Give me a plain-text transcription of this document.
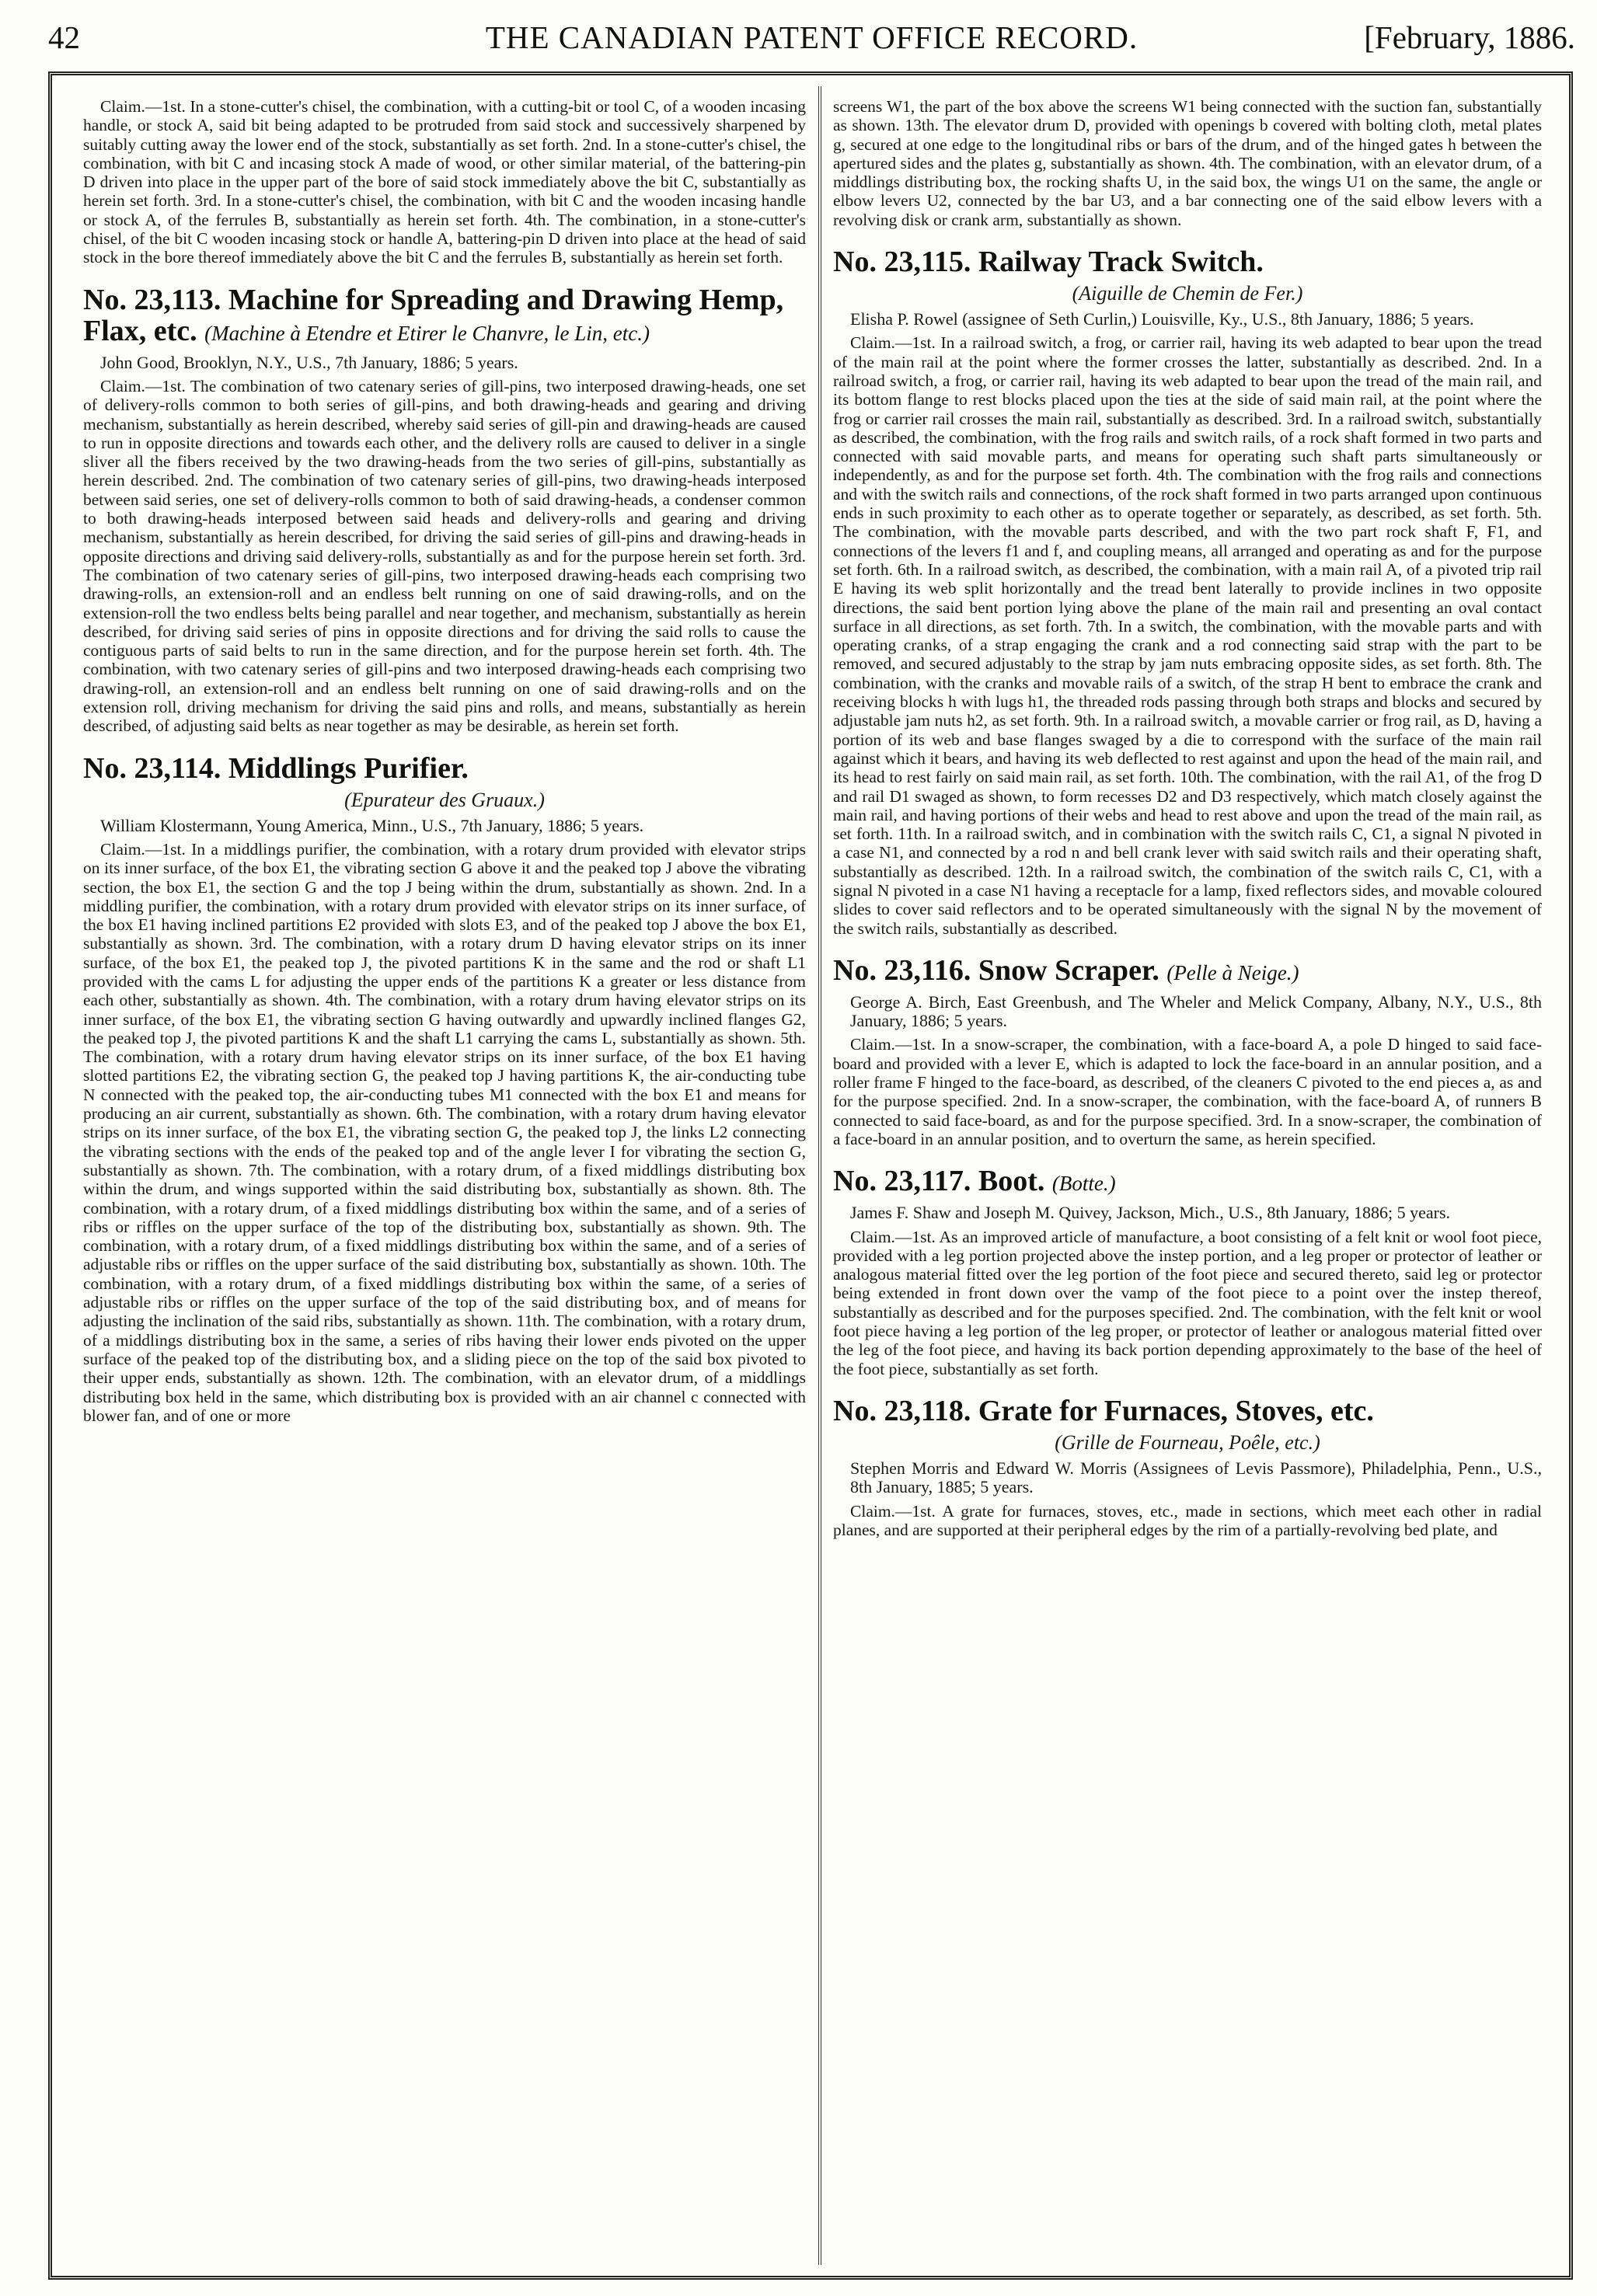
42	THE CANADIAN PATENT OFFICE RECORD.	[February, 1886.

Claim.—1st. In a stone-cutter's chisel, the combination, with a cutting-bit or tool C, of a wooden incasing handle, or stock A, said bit being adapted to be protruded from said stock and successively sharpened by suitably cutting away the lower end of the stock, substantially as set forth. 2nd. In a stone-cutter's chisel, the combination, with bit C and incasing stock A made of wood, or other similar material, of the battering-pin D driven into place in the upper part of the bore of said stock immediately above the bit C, substantially as herein set forth. 3rd. In a stone-cutter's chisel, the combination, with bit C and the wooden incasing handle or stock A, of the ferrules B, substantially as herein set forth. 4th. The combination, in a stone-cutter's chisel, of the bit C wooden incasing stock or handle A, battering-pin D driven into place at the head of said stock in the bore thereof immediately above the bit C and the ferrules B, substantially as herein set forth.

No. 23,113. Machine for Spreading and Drawing Hemp, Flax, etc. (Machine à Etendre et Etirer le Chanvre, le Lin, etc.)

John Good, Brooklyn, N.Y., U.S., 7th January, 1886; 5 years.

Claim.—1st. The combination of two catenary series of gill-pins, two interposed drawing-heads, one set of delivery-rolls common to both series of gill-pins, and both drawing-heads and gearing and driving mechanism, substantially as herein described, whereby said series of gill-pin and drawing-heads are caused to run in opposite directions and towards each other, and the delivery rolls are caused to deliver in a single sliver all the fibers received by the two drawing-heads from the two series of gill-pins, substantially as herein described. 2nd. The combination of two catenary series of gill-pins, two drawing-heads interposed between said series, one set of delivery-rolls common to both of said drawing-heads, a condenser common to both drawing-heads interposed between said heads and delivery-rolls and gearing and driving mechanism, substantially as herein described, for driving the said series of gill-pins and drawing-heads in opposite directions and driving said delivery-rolls, substantially as and for the purpose herein set forth. 3rd. The combination of two catenary series of gill-pins, two interposed drawing-heads each comprising two drawing-rolls, an extension-roll and an endless belt running on one of said drawing-rolls, and on the extension-roll the two endless belts being parallel and near together, and mechanism, substantially as herein described, for driving said series of pins in opposite directions and for driving the said rolls to cause the contiguous parts of said belts to run in the same direction, and for the purpose herein set forth. 4th. The combination, with two catenary series of gill-pins and two interposed drawing-heads each comprising two drawing-roll, an extension-roll and an endless belt running on one of said drawing-rolls and on the extension roll, driving mechanism for driving the said pins and rolls, and means, substantially as herein described, of adjusting said belts as near together as may be desirable, as herein set forth.

No. 23,114. Middlings Purifier.
(Epurateur des Gruaux.)

William Klostermann, Young America, Minn., U.S., 7th January, 1886; 5 years.

Claim.—1st. In a middlings purifier, the combination, with a rotary drum provided with elevator strips on its inner surface, of the box E1, the vibrating section G above it and the peaked top J above the vibrating section, the box E1, the section G and the top J being within the drum, substantially as shown. 2nd. In a middling purifier, the combination, with a rotary drum provided with elevator strips on its inner surface, of the box E1 having inclined partitions E2 provided with slots E3, and of the peaked top J above the box E1, substantially as shown. 3rd. The combination, with a rotary drum D having elevator strips on its inner surface, of the box E1, the peaked top J, the pivoted partitions K in the same and the rod or shaft L1 provided with the cams L for adjusting the upper ends of the partitions K a greater or less distance from each other, substantially as shown. 4th. The combination, with a rotary drum having elevator strips on its inner surface, of the box E1, the vibrating section G having outwardly and upwardly inclined flanges G2, the peaked top J, the pivoted partitions K and the shaft L1 carrying the cams L, substantially as shown. 5th. The combination, with a rotary drum having elevator strips on its inner surface, of the box E1 having slotted partitions E2, the vibrating section G, the peaked top J having partitions K, the air-conducting tube N connected with the peaked top, the air-conducting tubes M1 connected with the box E1 and means for producing an air current, substantially as shown. 6th. The combination, with a rotary drum having elevator strips on its inner surface, of the box E1, the vibrating section G, the peaked top J, the links L2 connecting the vibrating sections with the ends of the peaked top and of the angle lever I for vibrating the section G, substantially as shown. 7th. The combination, with a rotary drum, of a fixed middlings distributing box within the drum, and wings supported within the said distributing box, substantially as shown. 8th. The combination, with a rotary drum, of a fixed middlings distributing box within the same, and of a series of ribs or riffles on the upper surface of the top of the distributing box, substantially as shown. 9th. The combination, with a rotary drum, of a fixed middlings distributing box within the same, and of a series of adjustable ribs or riffles on the upper surface of the said distributing box, substantially as shown. 10th. The combination, with a rotary drum, of a fixed middlings distributing box within the same, of a series of adjustable ribs or riffles on the upper surface of the top of the said distributing box, and of means for adjusting the inclination of the said ribs, substantially as shown. 11th. The combination, with a rotary drum, of a middlings distributing box in the same, a series of ribs having their lower ends pivoted on the upper surface of the peaked top of the distributing box, and a sliding piece on the top of the said box pivoted to their upper ends, substantially as shown. 12th. The combination, with an elevator drum, of a middlings distributing box held in the same, which distributing box is provided with an air channel c connected with blower fan, and of one or more

screens W1, the part of the box above the screens W1 being connected with the suction fan, substantially as shown. 13th. The elevator drum D, provided with openings b covered with bolting cloth, metal plates g, secured at one edge to the longitudinal ribs or bars of the drum, and of the hinged gates h between the apertured sides and the plates g, substantially as shown. 4th. The combination, with an elevator drum, of a middlings distributing box, the rocking shafts U, in the said box, the wings U1 on the same, the angle or elbow levers U2, connected by the bar U3, and a bar connecting one of the said elbow levers with a revolving disk or crank arm, substantially as shown.

No. 23,115. Railway Track Switch.
(Aiguille de Chemin de Fer.)

Elisha P. Rowel (assignee of Seth Curlin,) Louisville, Ky., U.S., 8th January, 1886; 5 years.

Claim.—1st. In a railroad switch, a frog, or carrier rail, having its web adapted to bear upon the tread of the main rail at the point where the former crosses the latter, substantially as described. 2nd. In a railroad switch, a frog, or carrier rail, having its web adapted to bear upon the tread of the main rail, and its bottom flange to rest blocks placed upon the ties at the side of said main rail, at the point where the frog or carrier rail crosses the main rail, substantially as described. 3rd. In a railroad switch, substantially as described, the combination, with the frog rails and switch rails, of a rock shaft formed in two parts and connected with said movable parts, and means for operating such shaft parts simultaneously or independently, as and for the purpose set forth. 4th. The combination with the frog rails and connections and with the switch rails and connections, of the rock shaft formed in two parts arranged upon continuous ends in such proximity to each other as to operate together or separately, as described, as set forth. 5th. The combination, with the movable parts described, and with the two part rock shaft F, F1, and connections of the levers f1 and f, and coupling means, all arranged and operating as and for the purpose set forth. 6th. In a railroad switch, as described, the combination, with a main rail A, of a pivoted trip rail E having its web split horizontally and the tread bent laterally to provide inclines in two opposite directions, the said bent portion lying above the plane of the main rail and presenting an oval contact surface in all directions, as set forth. 7th. In a switch, the combination, with the movable parts and with operating cranks, of a strap engaging the crank and a rod connecting said strap with the part to be removed, and secured adjustably to the strap by jam nuts embracing opposite sides, as set forth. 8th. The combination, with the cranks and movable rails of a switch, of the strap H bent to embrace the crank and receiving blocks h with lugs h1, the threaded rods passing through both straps and blocks and secured by adjustable jam nuts h2, as set forth. 9th. In a railroad switch, a movable carrier or frog rail, as D, having a portion of its web and base flanges swaged by a die to correspond with the surface of the main rail against which it bears, and having its web deflected to rest against and upon the head of the main rail, and its head to rest fairly on said main rail, as set forth. 10th. The combination, with the rail A1, of the frog D and rail D1 swaged as shown, to form recesses D2 and D3 respectively, which match closely against the main rail, and having portions of their webs and head to rest above and upon the tread of the main rail, as set forth. 11th. In a railroad switch, and in combination with the switch rails C, C1, a signal N pivoted in a case N1, and connected by a rod n and bell crank lever with said switch rails and their operating shaft, substantially as described. 12th. In a railroad switch, the combination of the switch rails C, C1, with a signal N pivoted in a case N1 having a receptacle for a lamp, fixed reflectors sides, and movable coloured slides to cover said reflectors and to be operated simultaneously with the signal N by the movement of the switch rails, substantially as described.

No. 23,116. Snow Scraper. (Pelle à Neige.)

George A. Birch, East Greenbush, and The Wheler and Melick Company, Albany, N.Y., U.S., 8th January, 1886; 5 years.

Claim.—1st. In a snow-scraper, the combination, with a face-board A, a pole D hinged to said face-board and provided with a lever E, which is adapted to lock the face-board in an annular position, and a roller frame F hinged to the face-board, as described, of the cleaners C pivoted to the end pieces a, as and for the purpose specified. 2nd. In a snow-scraper, the combination, with the face-board A, of runners B connected to said face-board, as and for the purpose specified. 3rd. In a snow-scraper, the combination of a face-board in an annular position, and to overturn the same, as herein specified.

No. 23,117. Boot. (Botte.)

James F. Shaw and Joseph M. Quivey, Jackson, Mich., U.S., 8th January, 1886; 5 years.

Claim.—1st. As an improved article of manufacture, a boot consisting of a felt knit or wool foot piece, provided with a leg portion projected above the instep portion, and a leg proper or protector of leather or analogous material fitted over the leg portion of the foot piece and secured thereto, said leg or protector being extended in front down over the vamp of the foot piece to a point over the instep thereof, substantially as described and for the purposes specified. 2nd. The combination, with the felt knit or wool foot piece having a leg portion of the leg proper, or protector of leather or analogous material fitted over the leg of the foot piece, and having its back portion depending approximately to the base of the heel of the foot piece, substantially as set forth.

No. 23,118. Grate for Furnaces, Stoves, etc.
(Grille de Fourneau, Poêle, etc.)

Stephen Morris and Edward W. Morris (Assignees of Levis Passmore), Philadelphia, Penn., U.S., 8th January, 1885; 5 years.

Claim.—1st. A grate for furnaces, stoves, etc., made in sections, which meet each other in radial planes, and are supported at their peripheral edges by the rim of a partially-revolving bed plate, and
